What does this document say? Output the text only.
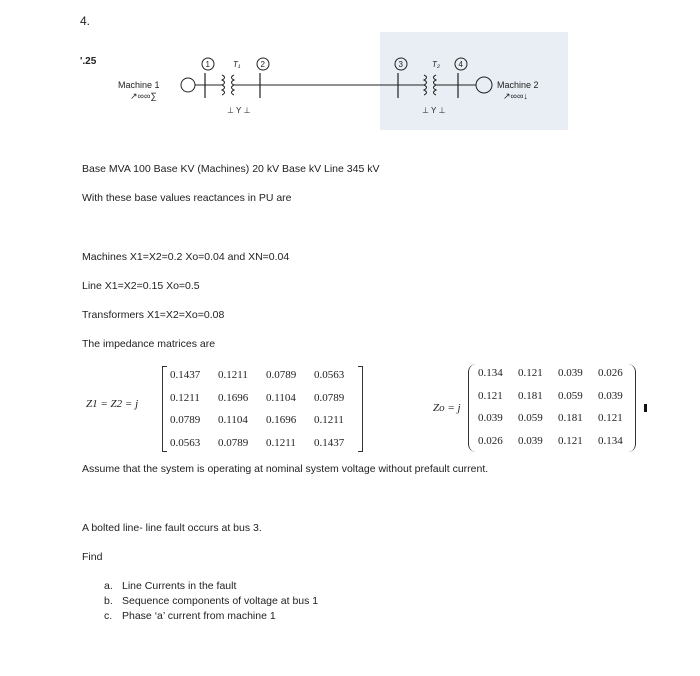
4.
'.25
Machine 1
↗∞∞∑
1	T₁
⊥ Y ⊥
2	3	T₂
⊥ Y ⊥
4
Machine 2
↗∞∞↓
Base MVA 100 Base KV (Machines) 20 kV Base kV Line 345 kV
With these base values reactances in PU are
Machines X1=X2=0.2 Xo=0.04 and XN=0.04
Line X1=X2=0.15 Xo=0.5
Transformers X1=X2=Xo=0.08
The impedance matrices are
Z1 = Z2 = j
0.1437	0.1211	0.0789	0.0563
0.1211	0.1696	0.1104	0.0789
0.0789	0.1104	0.1696	0.1211
0.0563	0.0789	0.1211	0.1437
Zo = j
0.134	0.121	0.039	0.026
0.121	0.181	0.059	0.039
0.039	0.059	0.181	0.121
0.026	0.039	0.121	0.134
Assume that the system is operating at nominal system voltage without prefault current.
A bolted line- line fault occurs at bus 3.
Find
a. Line Currents in the fault
b. Sequence components of voltage at bus 1
c. Phase ‘a’ current from machine 1
